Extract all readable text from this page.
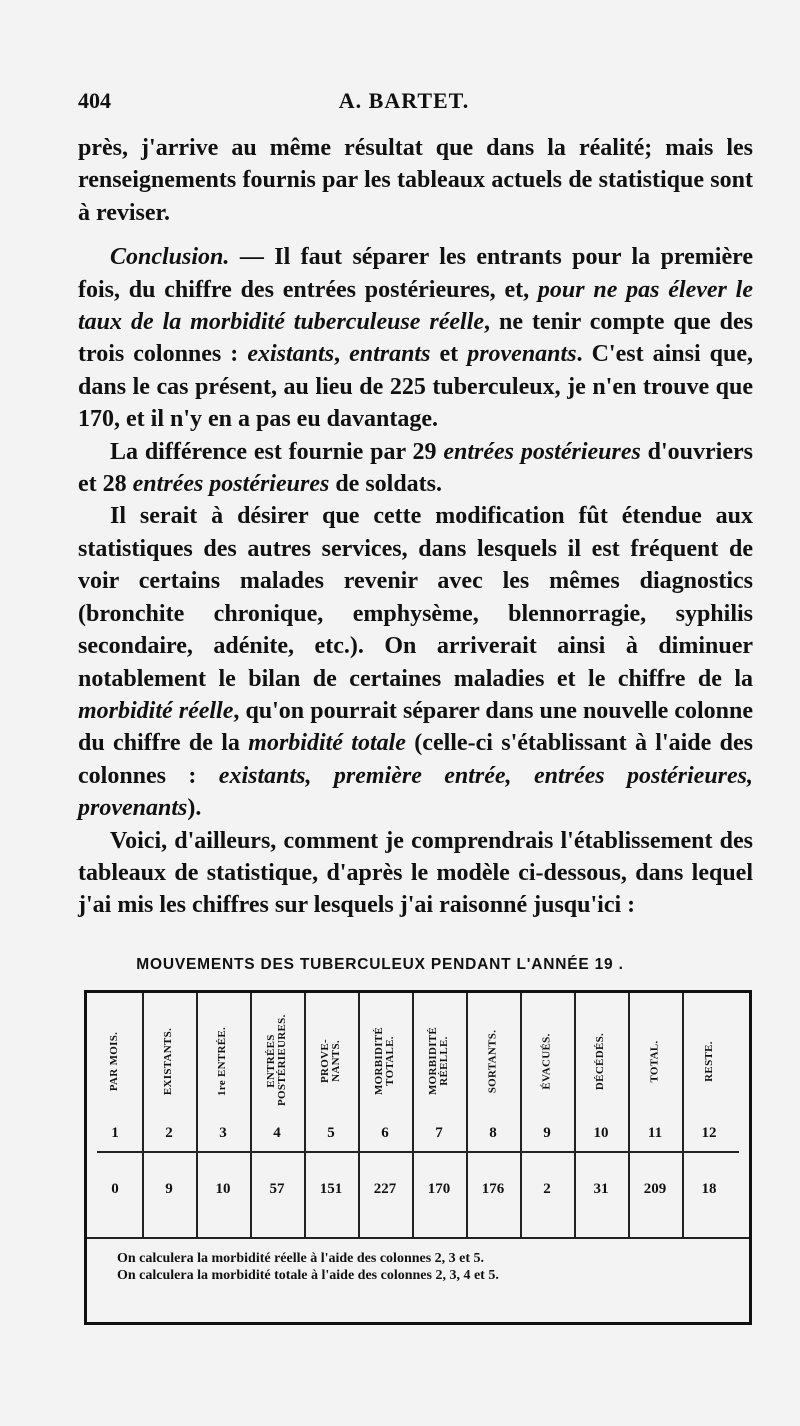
404	A. BARTET.

près, j'arrive au même résultat que dans la réalité; mais les renseignements fournis par les tableaux actuels de statistique sont à reviser.

Conclusion. — Il faut séparer les entrants pour la première fois, du chiffre des entrées postérieures, et, pour ne pas élever le taux de la morbidité tuberculeuse réelle, ne tenir compte que des trois colonnes : existants, entrants et provenants. C'est ainsi que, dans le cas présent, au lieu de 225 tuberculeux, je n'en trouve que 170, et il n'y en a pas eu davantage.

La différence est fournie par 29 entrées postérieures d'ouvriers et 28 entrées postérieures de soldats.

Il serait à désirer que cette modification fût étendue aux statistiques des autres services, dans lesquels il est fréquent de voir certains malades revenir avec les mêmes diagnostics (bronchite chronique, emphysème, blennorragie, syphilis secondaire, adénite, etc.). On arriverait ainsi à diminuer notablement le bilan de certaines maladies et le chiffre de la morbidité réelle, qu'on pourrait séparer dans une nouvelle colonne du chiffre de la morbidité totale (celle-ci s'établissant à l'aide des colonnes : existants, première entrée, entrées postérieures, provenants).

Voici, d'ailleurs, comment je comprendrais l'établissement des tableaux de statistique, d'après le modèle ci-dessous, dans lequel j'ai mis les chiffres sur lesquels j'ai raisonné jusqu'ici :

MOUVEMENTS DES TUBERCULEUX PENDANT L'ANNÉE 19 .
PAR MOIS.	EXISTANTS.	1re ENTRÉE.	ENTRÉES POSTÉRIEURES.	PROVE- NANTS.	MORBIDITÉ TOTALE.	MORBIDITÉ RÉELLE.	SORTANTS.	ÉVACUÉS.	DÉCÉDÉS.	TOTAL.	RESTE.
1	2	3	4	5	6	7	8	9	10	11	12
0	9	10	57	151	227	170	176	2	31	209	18
On calculera la morbidité réelle à l'aide des colonnes 2, 3 et 5.
On calculera la morbidité totale à l'aide des colonnes 2, 3, 4 et 5.
